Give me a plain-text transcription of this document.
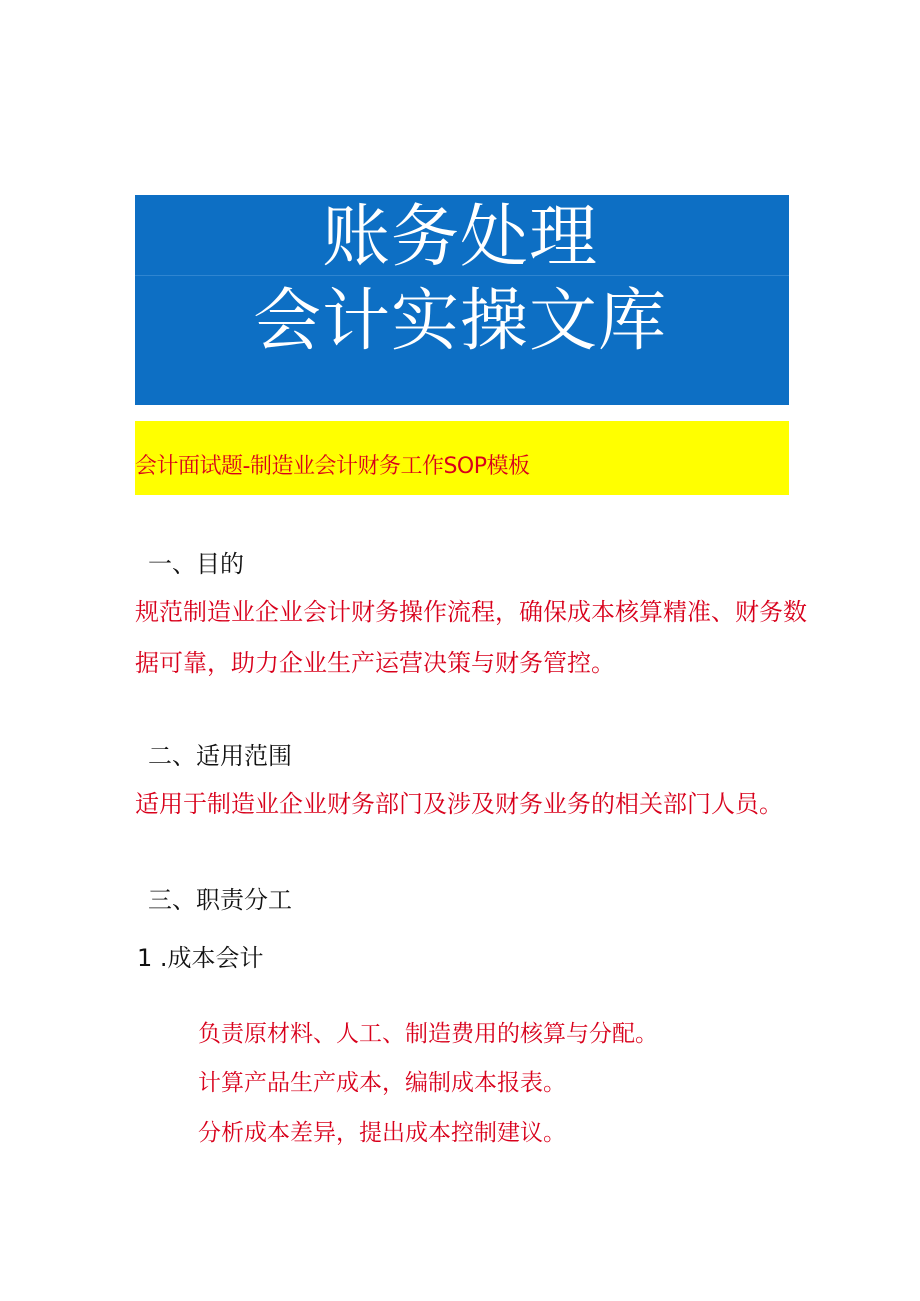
账务处理
会计实操文库
会计面试题-制造业会计财务工作SOP模板
一、目的
规范制造业企业会计财务操作流程，确保成本核算精准、财务数
据可靠，助力企业生产运营决策与财务管控。
二、适用范围
适用于制造业企业财务部门及涉及财务业务的相关部门人员。
三、职责分工
1 .成本会计
负责原材料、人工、制造费用的核算与分配。
计算产品生产成本，编制成本报表。
分析成本差异，提出成本控制建议。
